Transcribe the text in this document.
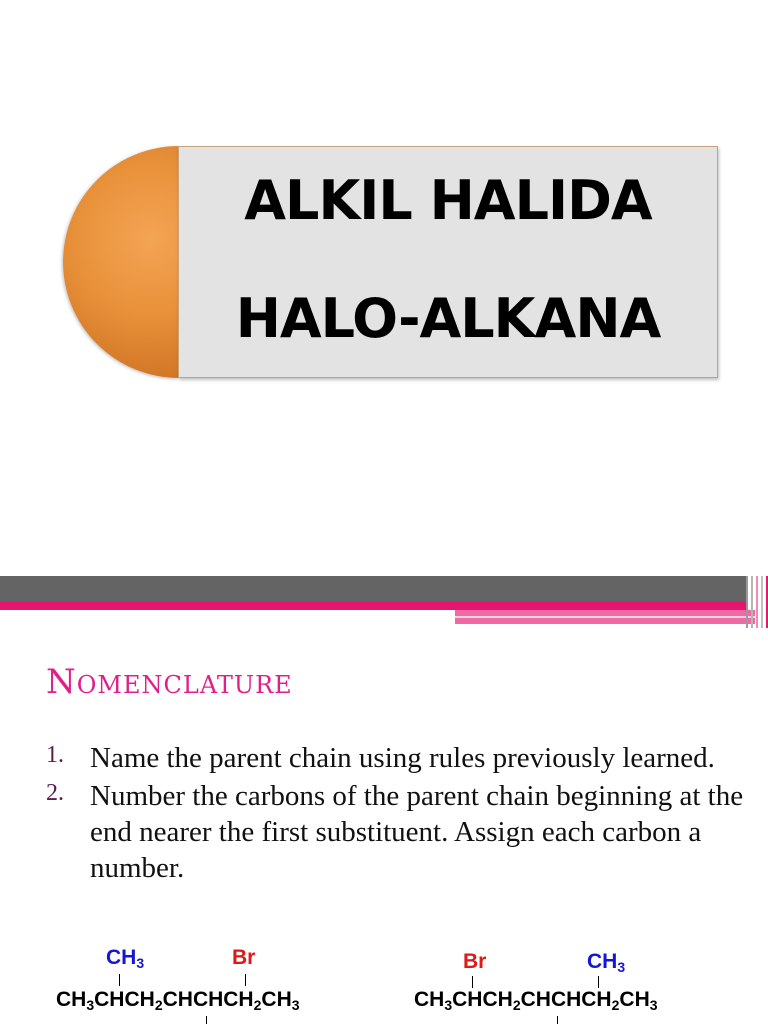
ALKIL HALIDA
HALO-ALKANA
Nomenclature
1. Name the parent chain using rules previously learned.
2. Number the carbons of the parent chain beginning at the end nearer the first substituent. Assign each carbon a number.
$CH_3$	Br
$CH_3CHCH_2CHCHCH_2CH_3$
Br	$CH_3$
$CH_3CHCH_2CHCHCH_2CH_3$
